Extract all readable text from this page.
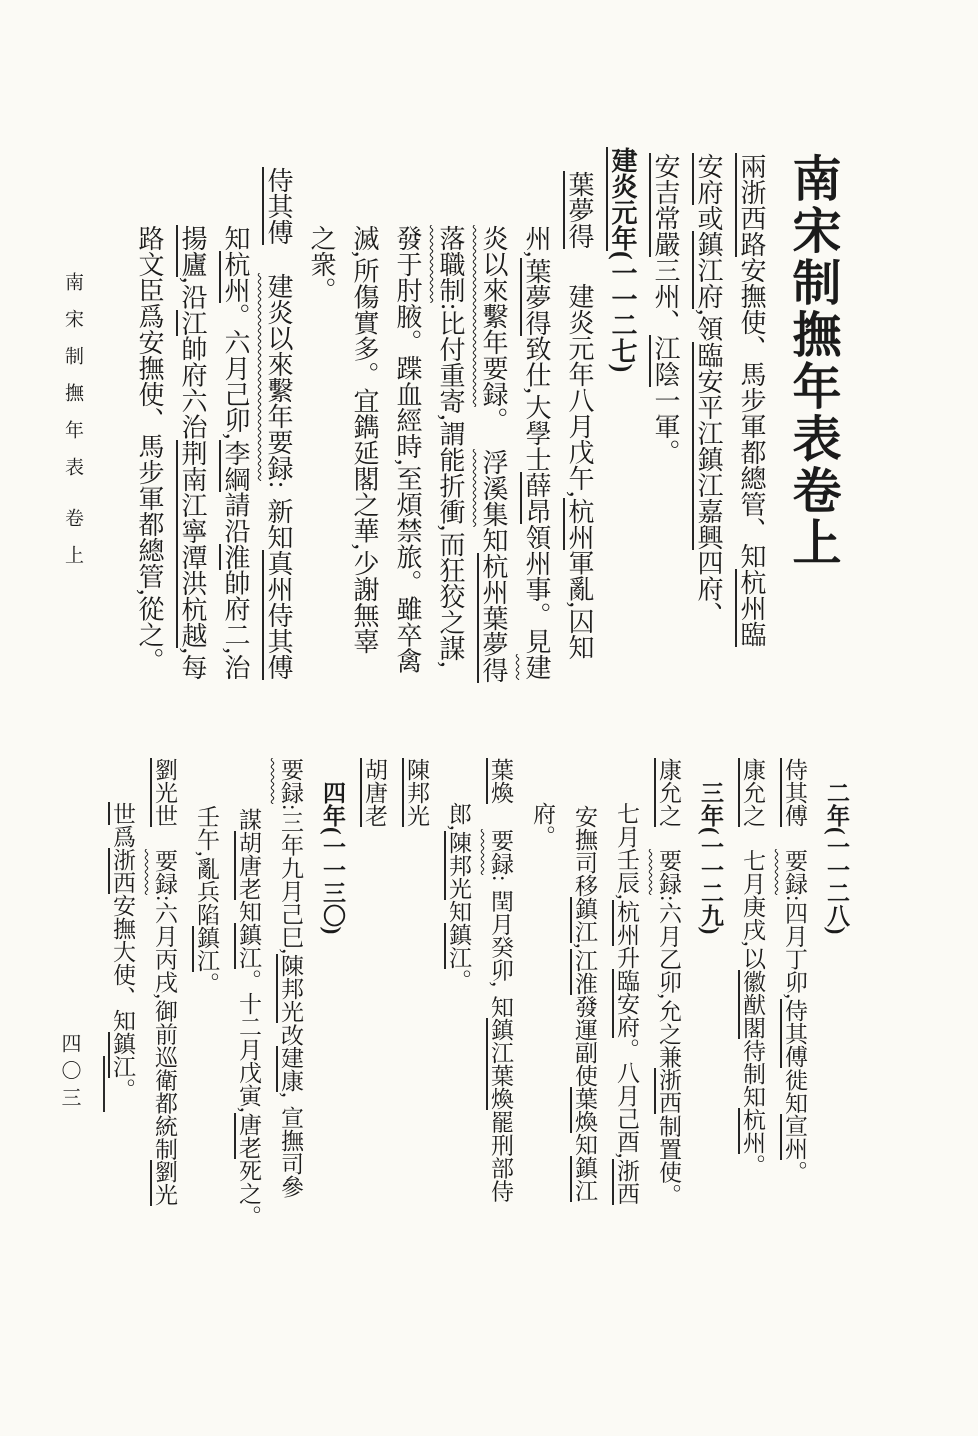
南宋制撫年表卷上
兩浙西路安撫使、馬步軍都總管、知杭州臨
安府或鎮江府,領臨安平江鎮江嘉興四府、
安吉常嚴三州、江陰一軍。
建炎元年(一一二七)
葉夢得建炎元年八月戊午,杭州軍亂,囚知
州,葉夢得致仕,大學士薛昂領州事。見建
炎以來繫年要録。浮溪集知杭州葉夢得
落職制:比付重寄,謂能折衝,而狂狡之謀,
發于肘腋。蹀血經時,至煩禁旅。雖卒禽
滅,所傷實多。宜鐫延閣之華,少謝無辜
之衆。
侍其傅建炎以來繫年要録:新知真州侍其傅
知杭州。六月己卯,李綱請沿淮帥府二,治
揚廬,沿江帥府六治荆南江寧潭洪杭越,每
路文臣爲安撫使、馬步軍都總管,從之。
二年(一一二八)
侍其傅要録:四月丁卯,侍其傅徙知宣州。
康允之七月庚戌,以徽猷閣待制知杭州。
三年(一一二九)
康允之要録:六月乙卯,允之兼浙西制置使。
七月壬辰,杭州升臨安府。八月己酉,浙西
安撫司移鎮江,江淮發運副使葉煥知鎮江
府。
葉煥要録:閏月癸卯,知鎮江葉煥罷刑部侍
郎,陳邦光知鎮江。
陳邦光
胡唐老
四年(一一三〇)
要録:三年九月己巳,陳邦光改建康,宣撫司參
謀胡唐老知鎮江。十二月戊寅,唐老死之。
壬午,亂兵陷鎮江。
劉光世要録:六月丙戌,御前巡衛都統制劉光
世爲浙西安撫大使、知鎮江。
南宋制撫年表卷上
四〇三
